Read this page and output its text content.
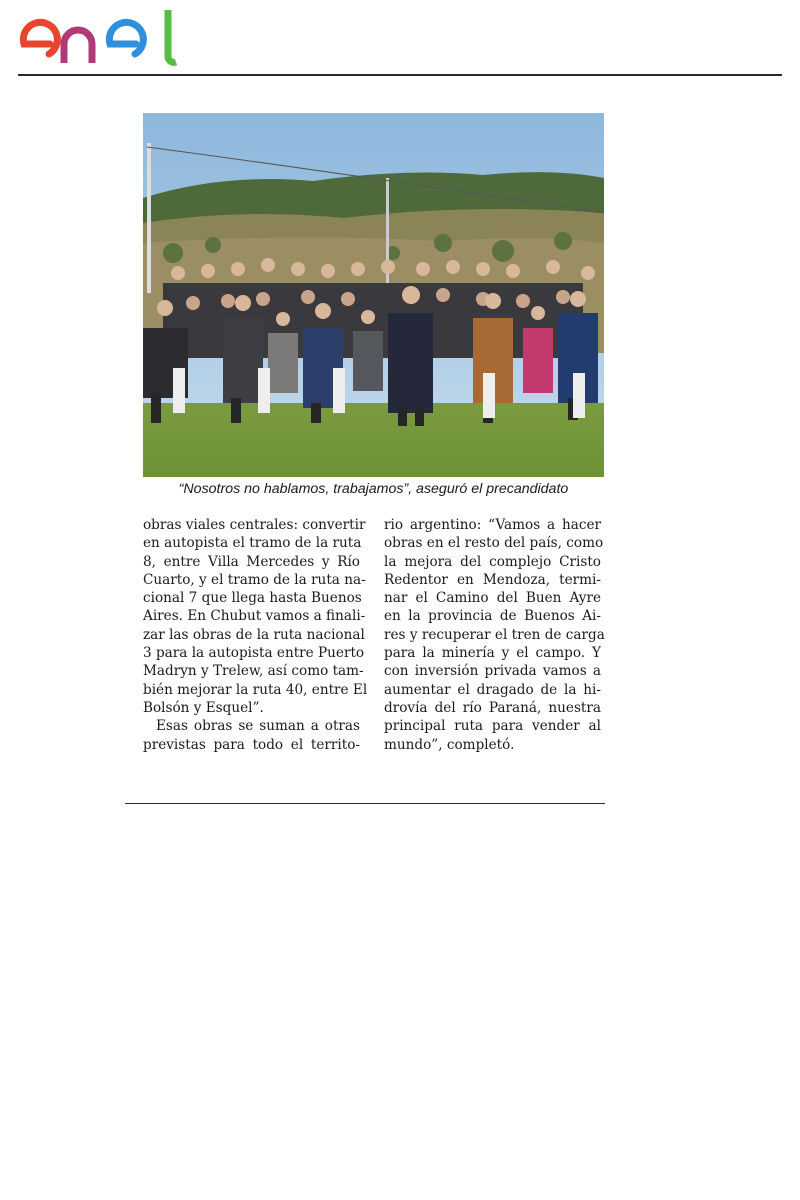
“Nosotros no hablamos, trabajamos”, aseguró el precandidato
obras viales centrales: convertir
en autopista el tramo de la ruta
8, entre Villa Mercedes y Río
Cuarto, y el tramo de la ruta na-
cional 7 que llega hasta Buenos
Aires. En Chubut vamos a finali-
zar las obras de la ruta nacional
3 para la autopista entre Puerto
Madryn y Trelew, así como tam-
bién mejorar la ruta 40, entre El
Bolsón y Esquel”.
Esas obras se suman a otras
previstas para todo el territo-
rio argentino: “Vamos a hacer
obras en el resto del país, como
la mejora del complejo Cristo
Redentor en Mendoza, termi-
nar el Camino del Buen Ayre
en la provincia de Buenos Ai-
res y recuperar el tren de carga
para la minería y el campo. Y
con inversión privada vamos a
aumentar el dragado de la hi-
drovía del río Paraná, nuestra
principal ruta para vender al
mundo”, completó.
